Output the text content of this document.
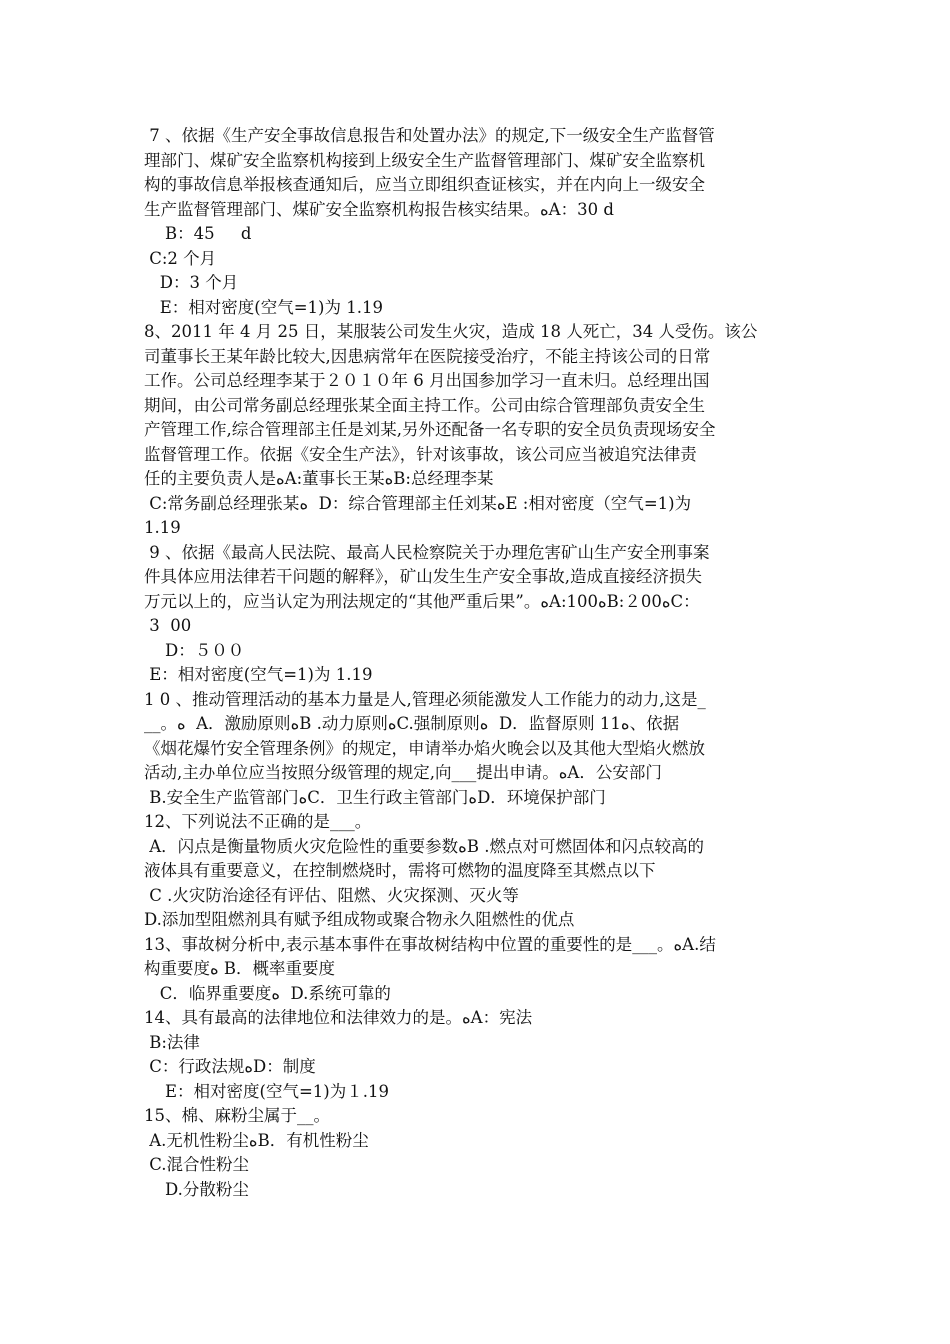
7 、依据《生产安全事故信息报告和处置办法》的规定,下一级安全生产监督管
理部门、煤矿安全监察机构接到上级安全生产监督管理部门、煤矿安全监察机
构的事故信息举报核查通知后，应当立即组织查证核实，并在内向上一级安全
生产监督管理部门、煤矿安全监察机构报告核实结果。ﻩA：30 d
B：45     d
C:2 个月
D：3 个月
E：相对密度(空气=1)为 1.19
8、2011 年 4 月 25 日，某服装公司发生火灾，造成 18 人死亡，34 人受伤。该公
司董事长王某年龄比较大,因患病常年在医院接受治疗，不能主持该公司的日常
工作。公司总经理李某于２０１０年 6 月出国参加学习一直未归。总经理出国
期间，由公司常务副总经理张某全面主持工作。公司由综合管理部负责安全生
产管理工作,综合管理部主任是刘某,另外还配备一名专职的安全员负责现场安全
监督管理工作。依据《安全生产法》，针对该事故，该公司应当被追究法律责
任的主要负责人是ﻩA:董事长王某ﻩB:总经理李某
C:常务副总经理张某ﻩ  D：综合管理部主任刘某ﻩE :相对密度（空气=1)为
1.19
9 、依据《最高人民法院、最高人民检察院关于办理危害矿山生产安全刑事案
件具体应用法律若干问题的解释》，矿山发生生产安全事故,造成直接经济损失
万元以上的，应当认定为刑法规定的“其他严重后果”。ﻩA:100ﻩB:２00ﻩC：
3  00
D：５００
E：相对密度(空气=1)为 1.19
1 0 、推动管理活动的基本力量是人,管理必须能激发人工作能力的动力,这是_
__。ﻩ  A．激励原则ﻩB .动力原则ﻩC.强制原则ﻩ  D．监督原则 11ﻩ、依据
《烟花爆竹安全管理条例》的规定，申请举办焰火晚会以及其他大型焰火燃放
活动,主办单位应当按照分级管理的规定,向___提出申请。ﻩA．公安部门
B.安全生产监管部门ﻩC．卫生行政主管部门ﻩD．环境保护部门
12、下列说法不正确的是___。
A．闪点是衡量物质火灾危险性的重要参数ﻩB .燃点对可燃固体和闪点较高的
液体具有重要意义，在控制燃烧时，需将可燃物的温度降至其燃点以下
C .火灾防治途径有评估、阻燃、火灾探测、灭火等
D.添加型阻燃剂具有赋予组成物或聚合物永久阻燃性的优点
13、事故树分析中,表示基本事件在事故树结构中位置的重要性的是___。ﻩA.结
构重要度ﻩ B．概率重要度
C．临界重要度ﻩ  D.系统可靠的
14、具有最高的法律地位和法律效力的是。ﻩA：宪法
B:法律
C：行政法规ﻩD：制度
E：相对密度(空气=1)为１.19
15、棉、麻粉尘属于__。
A.无机性粉尘ﻩB．有机性粉尘
C.混合性粉尘
D.分散粉尘
